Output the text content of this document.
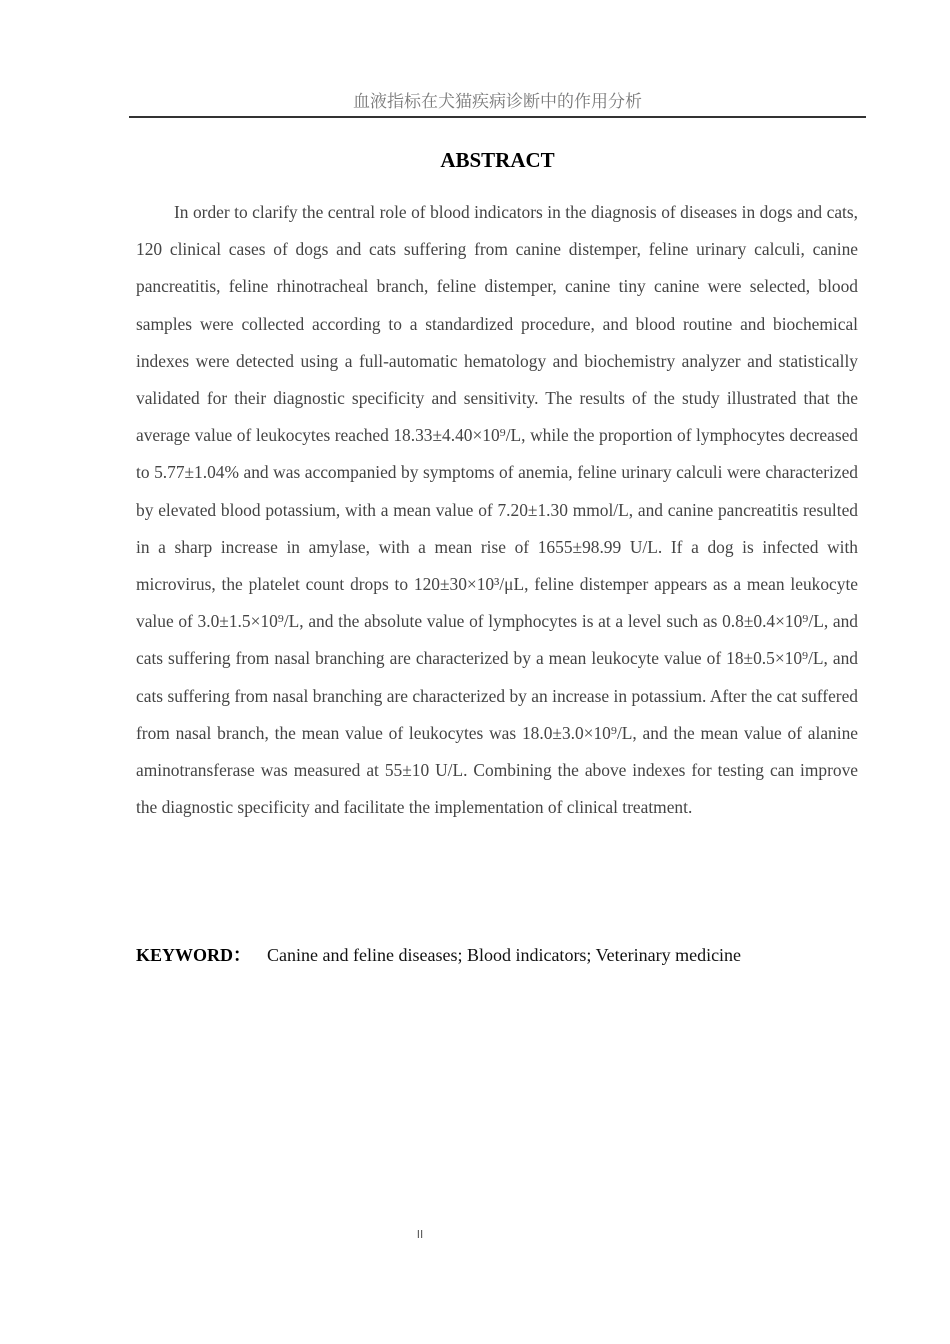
血液指标在犬猫疾病诊断中的作用分析
ABSTRACT

In order to clarify the central role of blood indicators in the diagnosis of diseases in dogs and cats, 120 clinical cases of dogs and cats suffering from canine distemper, feline urinary calculi, canine pancreatitis, feline rhinotracheal branch, feline distemper, canine tiny canine were selected, blood samples were collected according to a standardized procedure, and blood routine and biochemical indexes were detected using a full-automatic hematology and biochemistry analyzer and statistically validated for their diagnostic specificity and sensitivity. The results of the study illustrated that the average value of leukocytes reached 18.33±4.40×10⁹/L, while the proportion of lymphocytes decreased to 5.77±1.04% and was accompanied by symptoms of anemia, feline urinary calculi were characterized by elevated blood potassium, with a mean value of 7.20±1.30 mmol/L, and canine pancreatitis resulted in a sharp increase in amylase, with a mean rise of 1655±98.99 U/L. If a dog is infected with microvirus, the platelet count drops to 120±30×10³/μL, feline distemper appears as a mean leukocyte value of 3.0±1.5×10⁹/L, and the absolute value of lymphocytes is at a level such as 0.8±0.4×10⁹/L, and cats suffering from nasal branching are characterized by a mean leukocyte value of 18±0.5×10⁹/L, and cats suffering from nasal branching are characterized by an increase in potassium. After the cat suffered from nasal branch, the mean value of leukocytes was 18.0±3.0×10⁹/L, and the mean value of alanine aminotransferase was measured at 55±10 U/L. Combining the above indexes for testing can improve the diagnostic specificity and facilitate the implementation of clinical treatment.

KEYWORD： Canine and feline diseases; Blood indicators; Veterinary medicine
II
